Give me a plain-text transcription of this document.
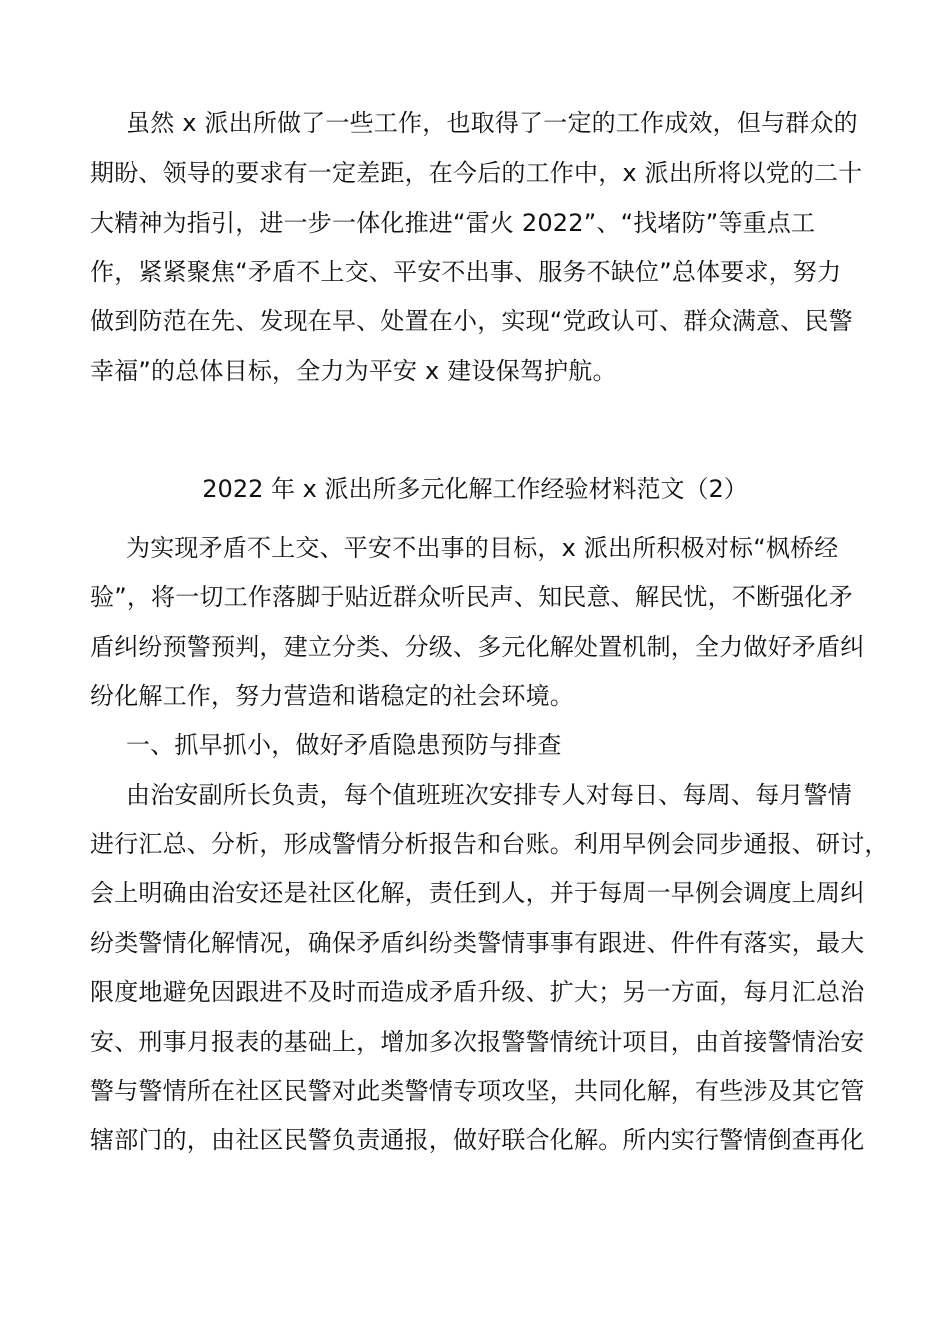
虽然 x 派出所做了一些工作，也取得了一定的工作成效，但与群众的
期盼、领导的要求有一定差距，在今后的工作中，x 派出所将以党的二十
大精神为指引，进一步一体化推进“雷火 2022”、“找堵防”等重点工
作，紧紧聚焦“矛盾不上交、平安不出事、服务不缺位”总体要求，努力
做到防范在先、发现在早、处置在小，实现“党政认可、群众满意、民警
幸福”的总体目标，全力为平安 x 建设保驾护航。
2022 年 x 派出所多元化解工作经验材料范文（2）
为实现矛盾不上交、平安不出事的目标，x 派出所积极对标“枫桥经
验”，将一切工作落脚于贴近群众听民声、知民意、解民忧，不断强化矛
盾纠纷预警预判，建立分类、分级、多元化解处置机制，全力做好矛盾纠
纷化解工作，努力营造和谐稳定的社会环境。
一、抓早抓小，做好矛盾隐患预防与排查
由治安副所长负责，每个值班班次安排专人对每日、每周、每月警情
进行汇总、分析，形成警情分析报告和台账。利用早例会同步通报、研讨，
会上明确由治安还是社区化解，责任到人，并于每周一早例会调度上周纠
纷类警情化解情况，确保矛盾纠纷类警情事事有跟进、件件有落实，最大
限度地避免因跟进不及时而造成矛盾升级、扩大；另一方面，每月汇总治
安、刑事月报表的基础上，增加多次报警警情统计项目，由首接警情治安
警与警情所在社区民警对此类警情专项攻坚，共同化解，有些涉及其它管
辖部门的，由社区民警负责通报，做好联合化解。所内实行警情倒查再化
